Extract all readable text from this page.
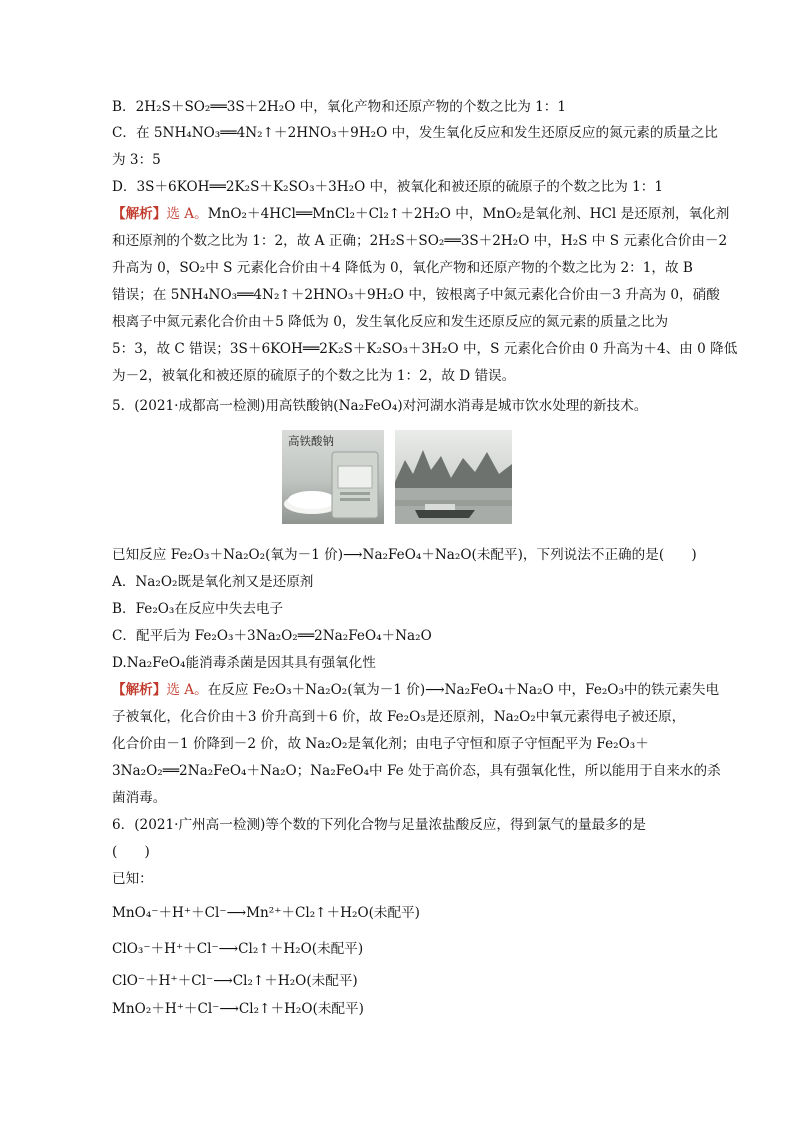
B．2H₂S＋SO₂══3S＋2H₂O 中，氧化产物和还原产物的个数之比为 1：1
C．在 5NH₄NO₃══4N₂↑＋2HNO₃＋9H₂O 中，发生氧化反应和发生还原反应的氮元素的质量之比
为 3：5
D．3S＋6KOH══2K₂S＋K₂SO₃＋3H₂O 中，被氧化和被还原的硫原子的个数之比为 1：1
【解析】选 A。MnO₂＋4HCl══MnCl₂＋Cl₂↑＋2H₂O 中，MnO₂是氧化剂、HCl 是还原剂，氧化剂
和还原剂的个数之比为 1：2，故 A 正确；2H₂S＋SO₂══3S＋2H₂O 中，H₂S 中 S 元素化合价由－2
升高为 0，SO₂中 S 元素化合价由＋4 降低为 0，氧化产物和还原产物的个数之比为 2：1，故 B
错误；在 5NH₄NO₃══4N₂↑＋2HNO₃＋9H₂O 中，铵根离子中氮元素化合价由－3 升高为 0，硝酸
根离子中氮元素化合价由＋5 降低为 0，发生氧化反应和发生还原反应的氮元素的质量之比为
5：3，故 C 错误；3S＋6KOH══2K₂S＋K₂SO₃＋3H₂O 中，S 元素化合价由 0 升高为＋4、由 0 降低
为－2，被氧化和被还原的硫原子的个数之比为 1：2，故 D 错误。
5．(2021·成都高一检测)用高铁酸钠(Na₂FeO₄)对河湖水消毒是城市饮水处理的新技术。
高铁酸钠
已知反应 Fe₂O₃＋Na₂O₂(氧为－1 价)⟶Na₂FeO₄＋Na₂O(未配平)，下列说法不正确的是(　　)
A．Na₂O₂既是氧化剂又是还原剂
B．Fe₂O₃在反应中失去电子
C．配平后为 Fe₂O₃＋3Na₂O₂══2Na₂FeO₄＋Na₂O
D.Na₂FeO₄能消毒杀菌是因其具有强氧化性
【解析】选 A。在反应 Fe₂O₃＋Na₂O₂(氧为－1 价)⟶Na₂FeO₄＋Na₂O 中，Fe₂O₃中的铁元素失电
子被氧化，化合价由＋3 价升高到＋6 价，故 Fe₂O₃是还原剂，Na₂O₂中氧元素得电子被还原，
化合价由－1 价降到－2 价，故 Na₂O₂是氧化剂；由电子守恒和原子守恒配平为 Fe₂O₃＋
3Na₂O₂══2Na₂FeO₄＋Na₂O；Na₂FeO₄中 Fe 处于高价态，具有强氧化性，所以能用于自来水的杀
菌消毒。
6．(2021·广州高一检测)等个数的下列化合物与足量浓盐酸反应，得到氯气的量最多的是
(　　)
已知：
MnO₄⁻＋H⁺＋Cl⁻⟶Mn²⁺＋Cl₂↑＋H₂O(未配平)
ClO₃⁻＋H⁺＋Cl⁻⟶Cl₂↑＋H₂O(未配平)
ClO⁻＋H⁺＋Cl⁻⟶Cl₂↑＋H₂O(未配平)
MnO₂＋H⁺＋Cl⁻⟶Cl₂↑＋H₂O(未配平)
